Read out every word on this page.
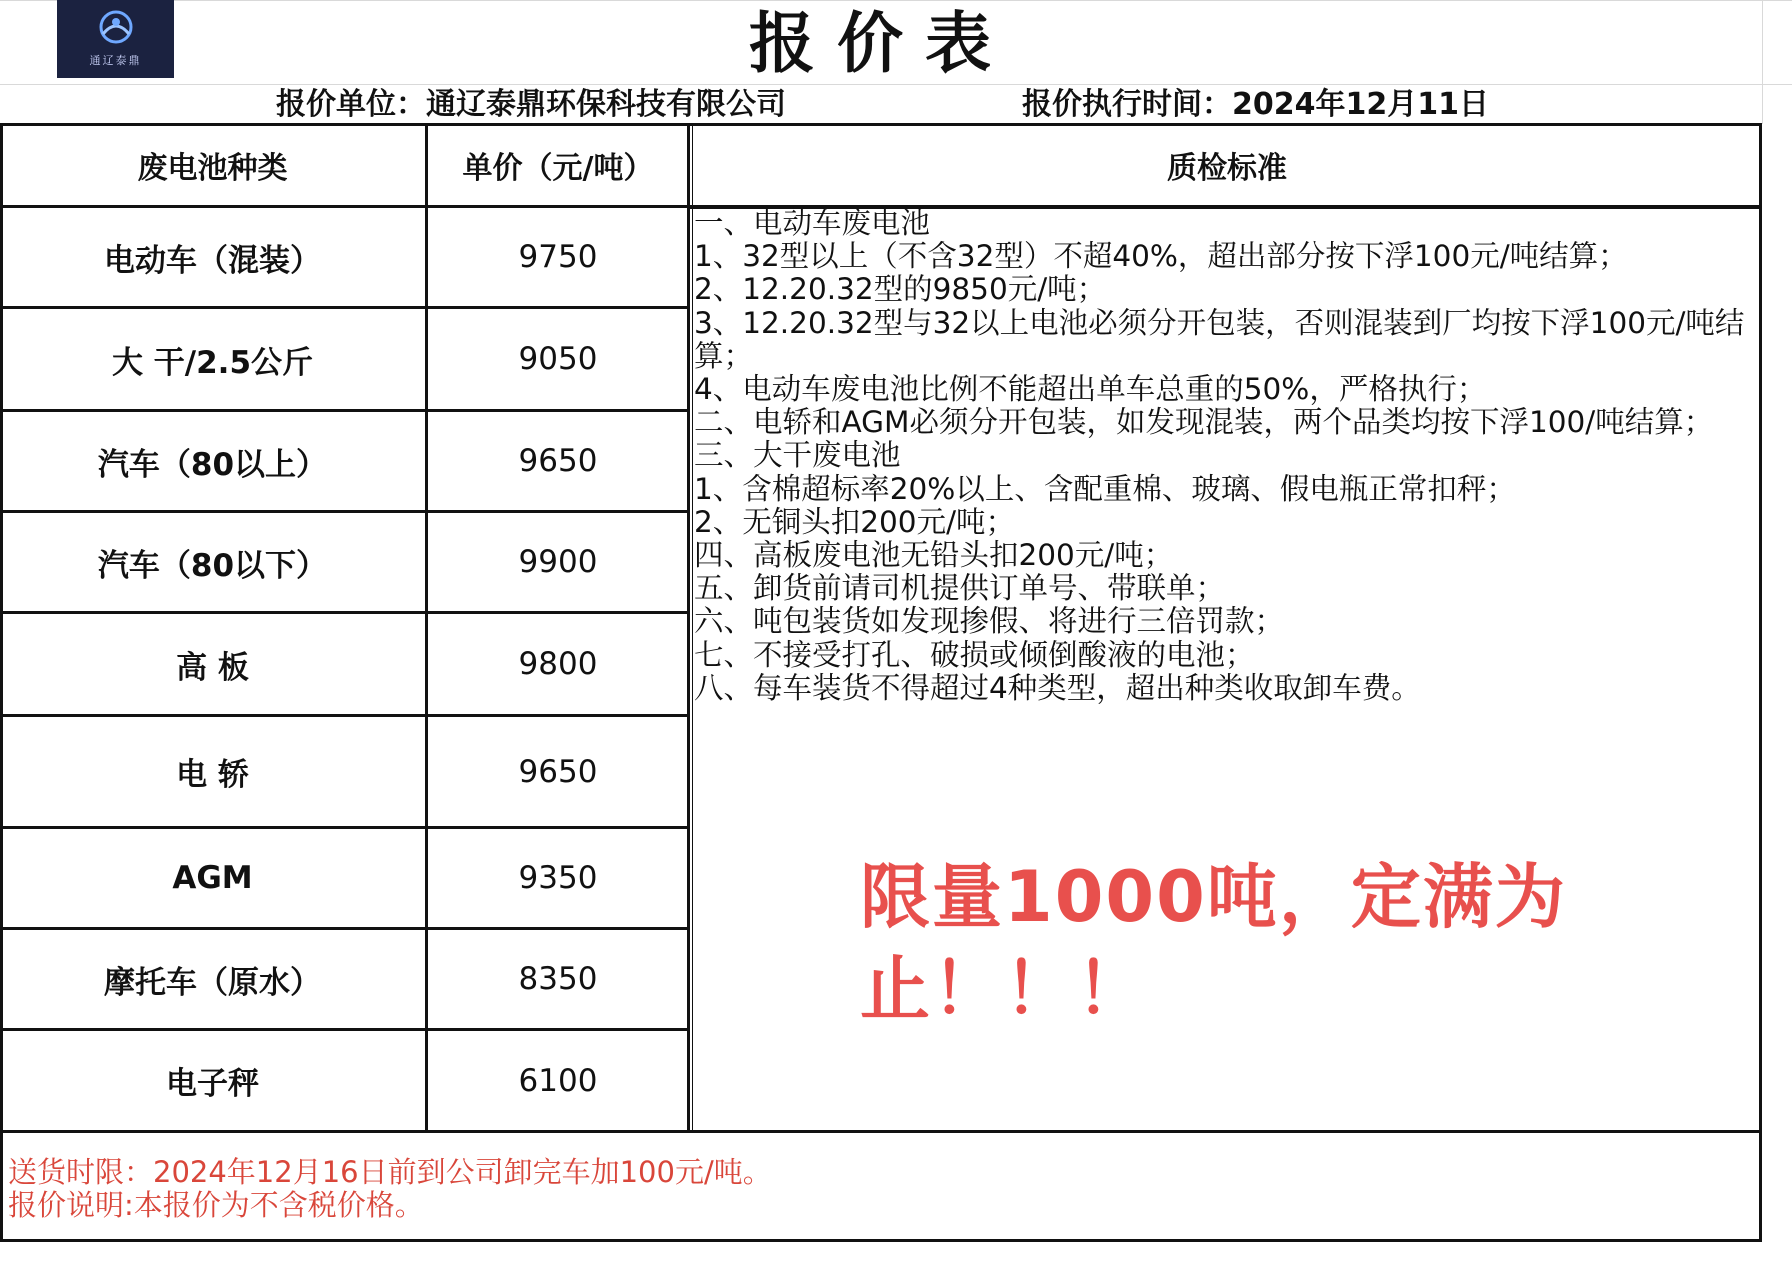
通辽泰鼎	报价表
报价单位：通辽泰鼎环保科技有限公司	报价执行时间：2024年12月11日
废电池种类	单价（元/吨）	质检标准
电动车（混装）	9750
大 干/2.5公斤	9050
汽车（80以上）	9650
汽车（80以下）	9900
高 板	9800
电 轿	9650
AGM	9350
摩托车（原水）	8350
电子秤	6100
一、电动车废电池
1、32型以上（不含32型）不超40%，超出部分按下浮100元/吨结算；
2、12.20.32型的9850元/吨；
3、12.20.32型与32以上电池必须分开包装，否则混装到厂均按下浮100元/吨结算；
4、电动车废电池比例不能超出单车总重的50%，严格执行；
二、电轿和AGM必须分开包装，如发现混装，两个品类均按下浮100/吨结算；
三、大干废电池
1、含棉超标率20%以上、含配重棉、玻璃、假电瓶正常扣秤；
2、无铜头扣200元/吨；
四、高板废电池无铅头扣200元/吨；
五、卸货前请司机提供订单号、带联单；
六、吨包装货如发现掺假、将进行三倍罚款；
七、不接受打孔、破损或倾倒酸液的电池；
八、每车装货不得超过4种类型，超出种类收取卸车费。
限量1000吨，定满为止！！！
送货时限：2024年12月16日前到公司卸完车加100元/吨。
报价说明:本报价为不含税价格。
